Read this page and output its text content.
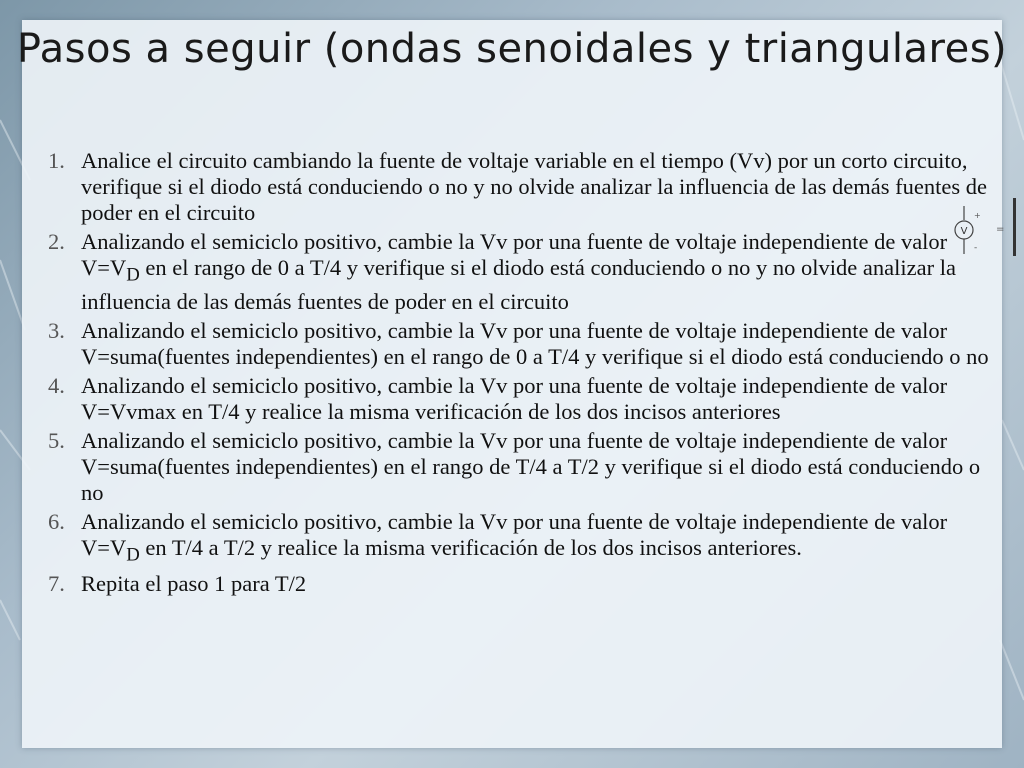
Pasos a seguir (ondas senoidales y triangulares)
1. Analice el circuito cambiando la fuente de voltaje variable en el tiempo (Vv) por un corto circuito, verifique si el diodo está conduciendo o no y no olvide analizar la influencia de las demás fuentes de poder en el circuito
2. Analizando el semiciclo positivo, cambie la Vv por una fuente de voltaje independiente de valor $V=V_D$ en el rango de 0 a T/4 y verifique si el diodo está conduciendo o no y no olvide analizar la influencia de las demás fuentes de poder en el circuito
3. Analizando el semiciclo positivo, cambie la Vv por una fuente de voltaje independiente de valor V=suma(fuentes independientes) en el rango de 0 a T/4 y verifique si el diodo está conduciendo o no
4. Analizando el semiciclo positivo, cambie la Vv por una fuente de voltaje independiente de valor V=Vvmax en T/4 y realice la misma verificación de los dos incisos anteriores
5. Analizando el semiciclo positivo, cambie la Vv por una fuente de voltaje independiente de valor V=suma(fuentes independientes) en el rango de T/4 a T/2 y verifique si el diodo está conduciendo o no
6. Analizando el semiciclo positivo, cambie la Vv por una fuente de voltaje independiente de valor $V=V_D$ en T/4 a T/2 y realice la misma verificación de los dos incisos anteriores.
7. Repita el paso 1 para T/2
V
+
-
=
